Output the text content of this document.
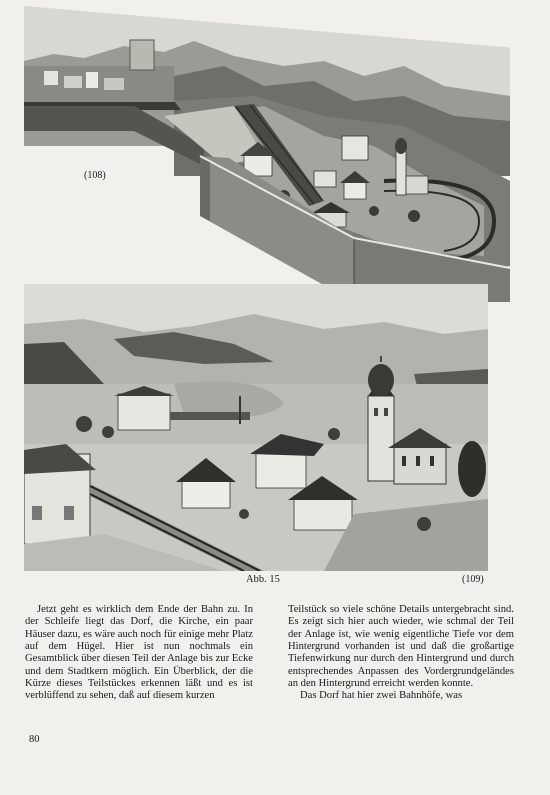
(108)
Abb. 15	(109)

Jetzt geht es wirklich dem Ende der Bahn zu. In der Schleife liegt das Dorf, die Kirche, ein paar Häuser dazu, es wäre auch noch für einige mehr Platz auf dem Hügel. Hier ist nun nochmals ein Gesamtblick über diesen Teil der Anlage bis zur Ecke und dem Stadtkern möglich. Ein Überblick, der die Kürze dieses Teilstückes erkennen läßt und es ist verblüffend zu sehen, daß auf diesem kurzen

Teilstück so viele schöne Details untergebracht sind. Es zeigt sich hier auch wieder, wie schmal der Teil der Anlage ist, wie wenig eigentliche Tiefe vor dem Hintergrund vorhanden ist und daß die großartige Tiefenwirkung nur durch den Hintergrund und durch entsprechendes Anpassen des Vordergrundgeländes an den Hintergrund erreicht werden konnte.

Das Dorf hat hier zwei Bahnhöfe, was

80
